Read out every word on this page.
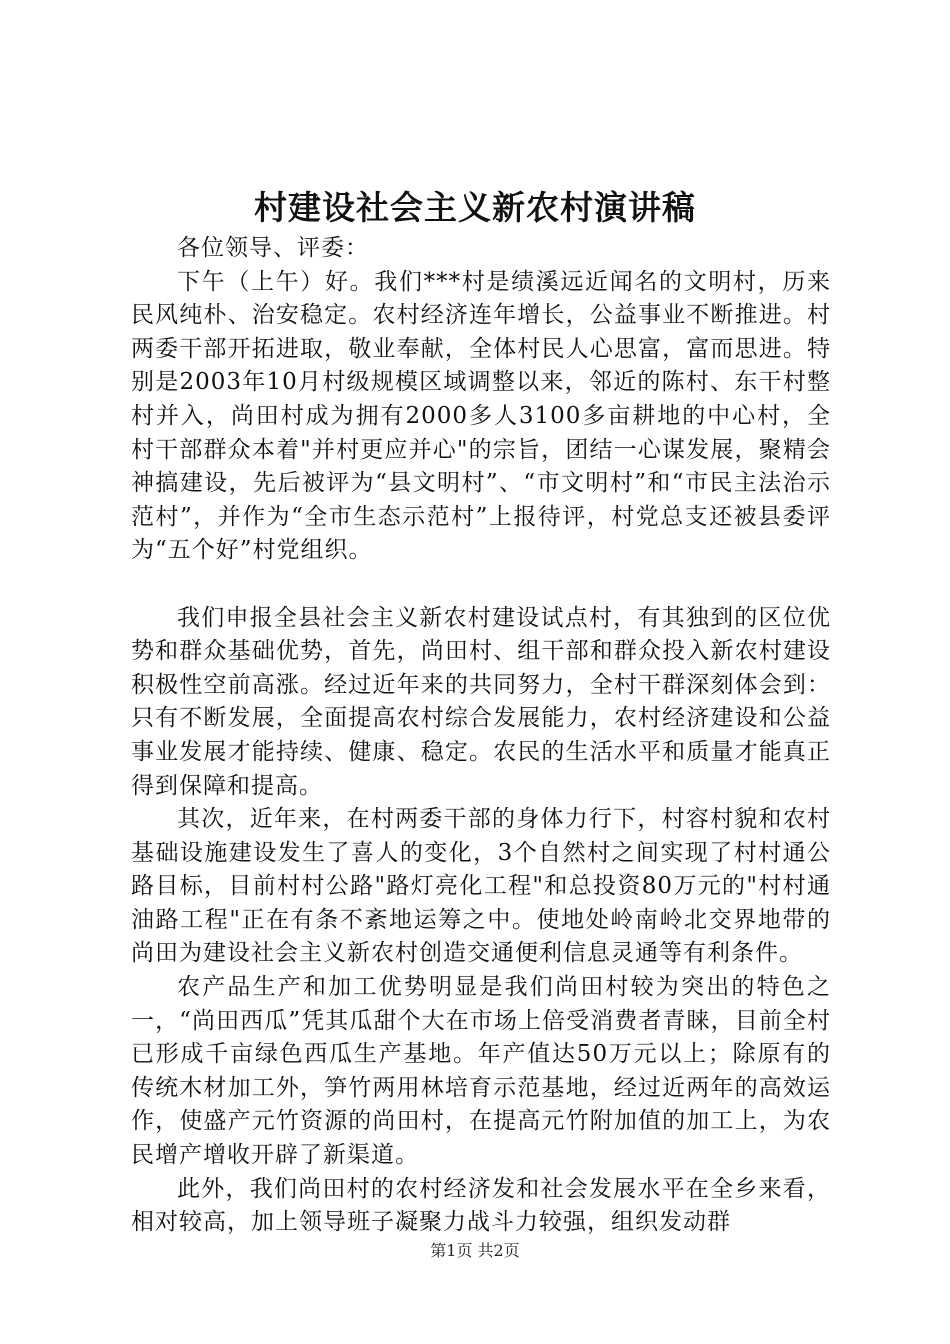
村建设社会主义新农村演讲稿

各位领导、评委：

下午（上午）好。我们***村是绩溪远近闻名的文明村，历来民风纯朴、治安稳定。农村经济连年增长，公益事业不断推进。村两委干部开拓进取，敬业奉献，全体村民人心思富，富而思进。特别是2003年10月村级规模区域调整以来，邻近的陈村、东干村整村并入，尚田村成为拥有2000多人3100多亩耕地的中心村，全村干部群众本着"并村更应并心"的宗旨，团结一心谋发展，聚精会神搞建设，先后被评为“县文明村”、“市文明村”和“市民主法治示范村”，并作为“全市生态示范村”上报待评，村党总支还被县委评为“五个好”村党组织。

我们申报全县社会主义新农村建设试点村，有其独到的区位优势和群众基础优势，首先，尚田村、组干部和群众投入新农村建设积极性空前高涨。经过近年来的共同努力，全村干群深刻体会到：只有不断发展，全面提高农村综合发展能力，农村经济建设和公益事业发展才能持续、健康、稳定。农民的生活水平和质量才能真正得到保障和提高。

其次，近年来，在村两委干部的身体力行下，村容村貌和农村基础设施建设发生了喜人的变化，3个自然村之间实现了村村通公路目标，目前村村公路"路灯亮化工程"和总投资80万元的"村村通油路工程"正在有条不紊地运筹之中。使地处岭南岭北交界地带的尚田为建设社会主义新农村创造交通便利信息灵通等有利条件。

农产品生产和加工优势明显是我们尚田村较为突出的特色之一，“尚田西瓜”凭其瓜甜个大在市场上倍受消费者青睐，目前全村已形成千亩绿色西瓜生产基地。年产值达50万元以上；除原有的传统木材加工外，笋竹两用林培育示范基地，经过近两年的高效运作，使盛产元竹资源的尚田村，在提高元竹附加值的加工上，为农民增产增收开辟了新渠道。

此外，我们尚田村的农村经济发和社会发展水平在全乡来看，相对较高，加上领导班子凝聚力战斗力较强，组织发动群

第1页 共2页
